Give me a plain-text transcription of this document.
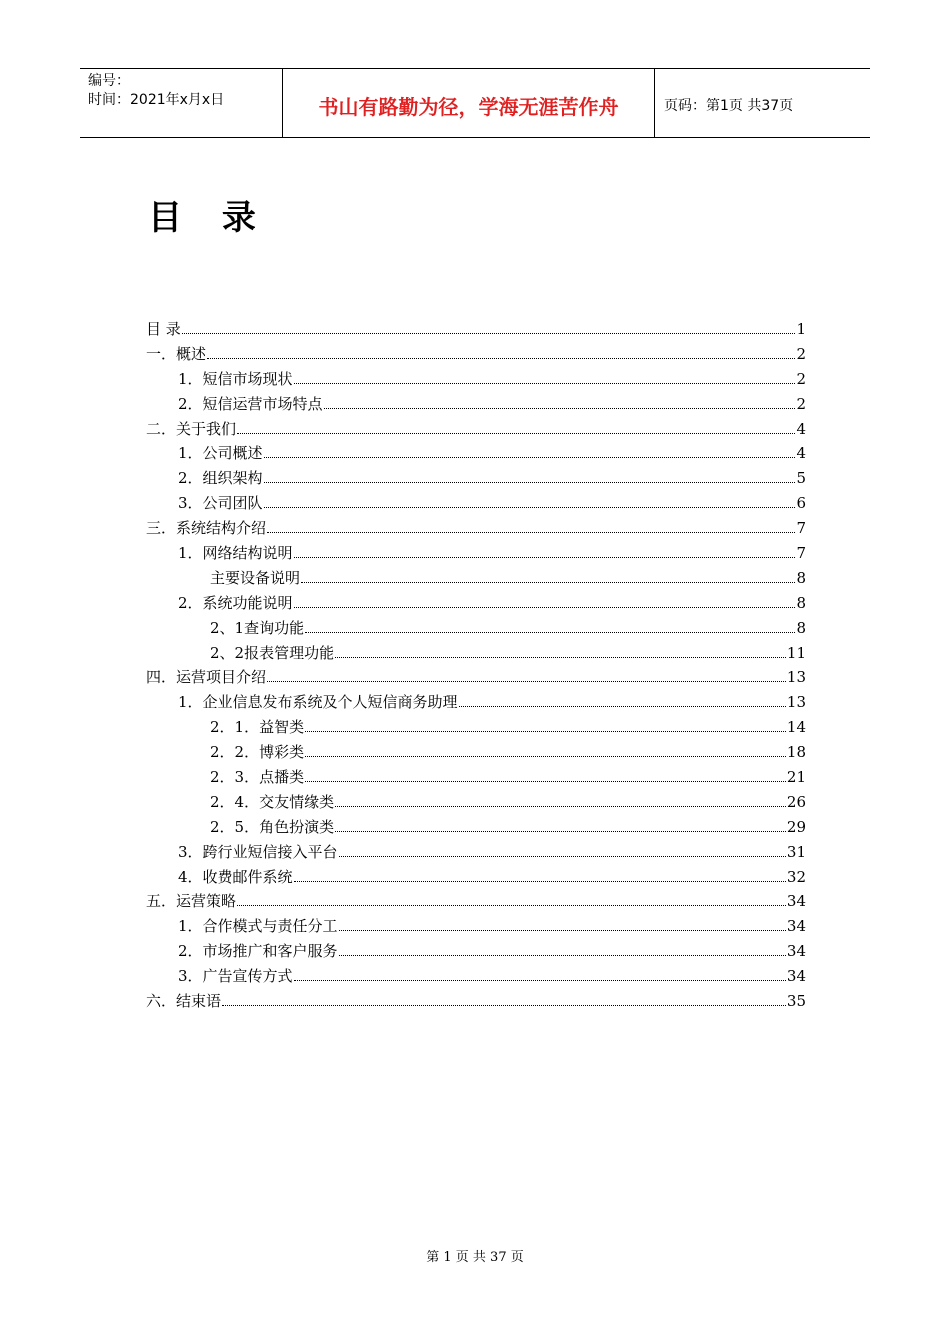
编号：
时间：2021年x月x日	书山有路勤为径，学海无涯苦作舟	页码：第1页 共37页
目 录
目 录	1
一．概述	2
1．短信市场现状	2
2．短信运营市场特点	2
二．关于我们	4
1．公司概述	4
2．组织架构	5
3．公司团队	6
三．系统结构介绍	7
1．网络结构说明	7
主要设备说明	8
2．系统功能说明	8
2、1查询功能	8
2、2报表管理功能	11
四．运营项目介绍	13
1．企业信息发布系统及个人短信商务助理	13
2．1．益智类	14
2．2．博彩类	18
2．3．点播类	21
2．4．交友情缘类	26
2．5．角色扮演类	29
3．跨行业短信接入平台	31
4．收费邮件系统	32
五．运营策略	34
1．合作模式与责任分工	34
2．市场推广和客户服务	34
3．广告宣传方式	34
六．结束语	35
第 1 页 共 37 页
